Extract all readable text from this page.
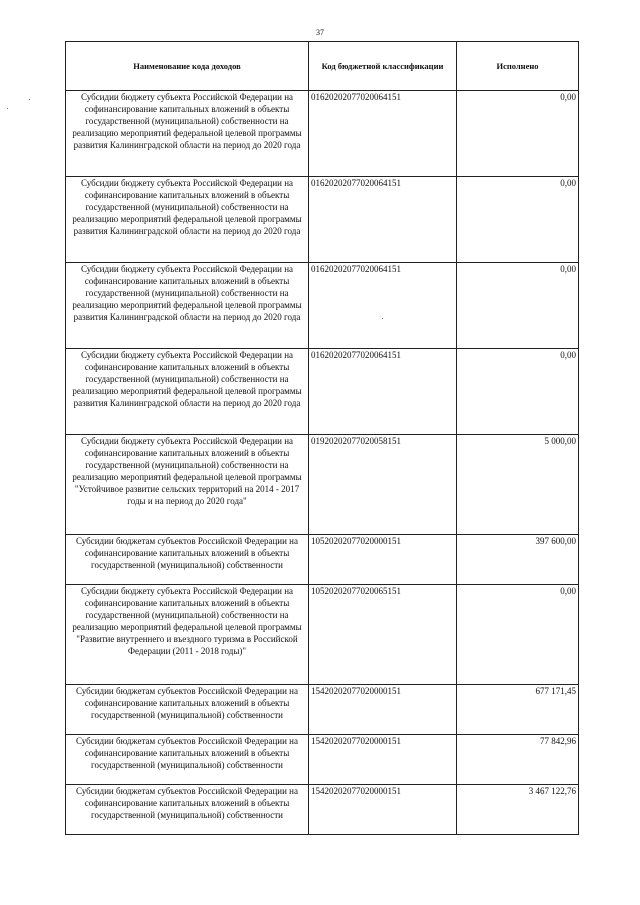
37
Наименование кода доходов	Код бюджетной классификации	Исполнено
Субсидии бюджету субъекта Российской Федерации на софинансирование капитальных вложений в объекты государственной (муниципальной) собственности на реализацию мероприятий федеральной целевой программы развития Калининградской области на период до 2020 года	01620202077020064151	0,00
Субсидии бюджету субъекта Российской Федерации на софинансирование капитальных вложений в объекты государственной (муниципальной) собственности на реализацию мероприятий федеральной целевой программы развития Калининградской области на период до 2020 года	01620202077020064151	0,00
Субсидии бюджету субъекта Российской Федерации на софинансирование капитальных вложений в объекты государственной (муниципальной) собственности на реализацию мероприятий федеральной целевой программы развития Калининградской области на период до 2020 года	01620202077020064151	0,00
Субсидии бюджету субъекта Российской Федерации на софинансирование капитальных вложений в объекты государственной (муниципальной) собственности на реализацию мероприятий федеральной целевой программы развития Калининградской области на период до 2020 года	01620202077020064151	0,00
Субсидии бюджету субъекта Российской Федерации на софинансирование капитальных вложений в объекты государственной (муниципальной) собственности на реализацию мероприятий федеральной целевой программы "Устойчивое развитие сельских территорий на 2014 - 2017 годы и на период до 2020 года"	01920202077020058151	5 000,00
Субсидии бюджетам субъектов Российской Федерации на софинансирование капитальных вложений в объекты государственной (муниципальной) собственности	10520202077020000151	397 600,00
Субсидии бюджету субъекта Российской Федерации на софинансирование капитальных вложений в объекты государственной (муниципальной) собственности на реализацию мероприятий федеральной целевой программы "Развитие внутреннего и въездного туризма в Российской Федерации (2011 - 2018 годы)"	10520202077020065151	0,00
Субсидии бюджетам субъектов Российской Федерации на софинансирование капитальных вложений в объекты государственной (муниципальной) собственности	15420202077020000151	677 171,45
Субсидии бюджетам субъектов Российской Федерации на софинансирование капитальных вложений в объекты государственной (муниципальной) собственности	15420202077020000151	77 842,96
Субсидии бюджетам субъектов Российской Федерации на софинансирование капитальных вложений в объекты государственной (муниципальной) собственности	15420202077020000151	3 467 122,76
